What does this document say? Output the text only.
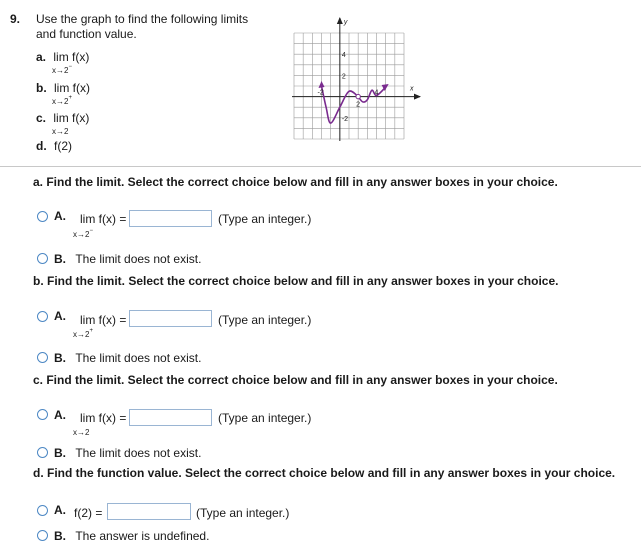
9. Use the graph to find the following limits
and function value.
a. lim f(x)
x→2−
b. lim f(x)
x→2+
c. lim f(x)
x→2
d. f(2)
y
x
4
2
-2
2
4
-2
a. Find the limit. Select the correct choice below and fill in any answer boxes in your choice.
A. lim f(x) =
x→2−
(Type an integer.)
B. The limit does not exist.
b. Find the limit. Select the correct choice below and fill in any answer boxes in your choice.
A. lim f(x) =
x→2+
(Type an integer.)
B. The limit does not exist.
c. Find the limit. Select the correct choice below and fill in any answer boxes in your choice.
A. lim f(x) =
x→2
(Type an integer.)
B. The limit does not exist.
d. Find the function value. Select the correct choice below and fill in any answer boxes in your choice.
A. f(2) =	(Type an integer.)
B. The answer is undefined.
